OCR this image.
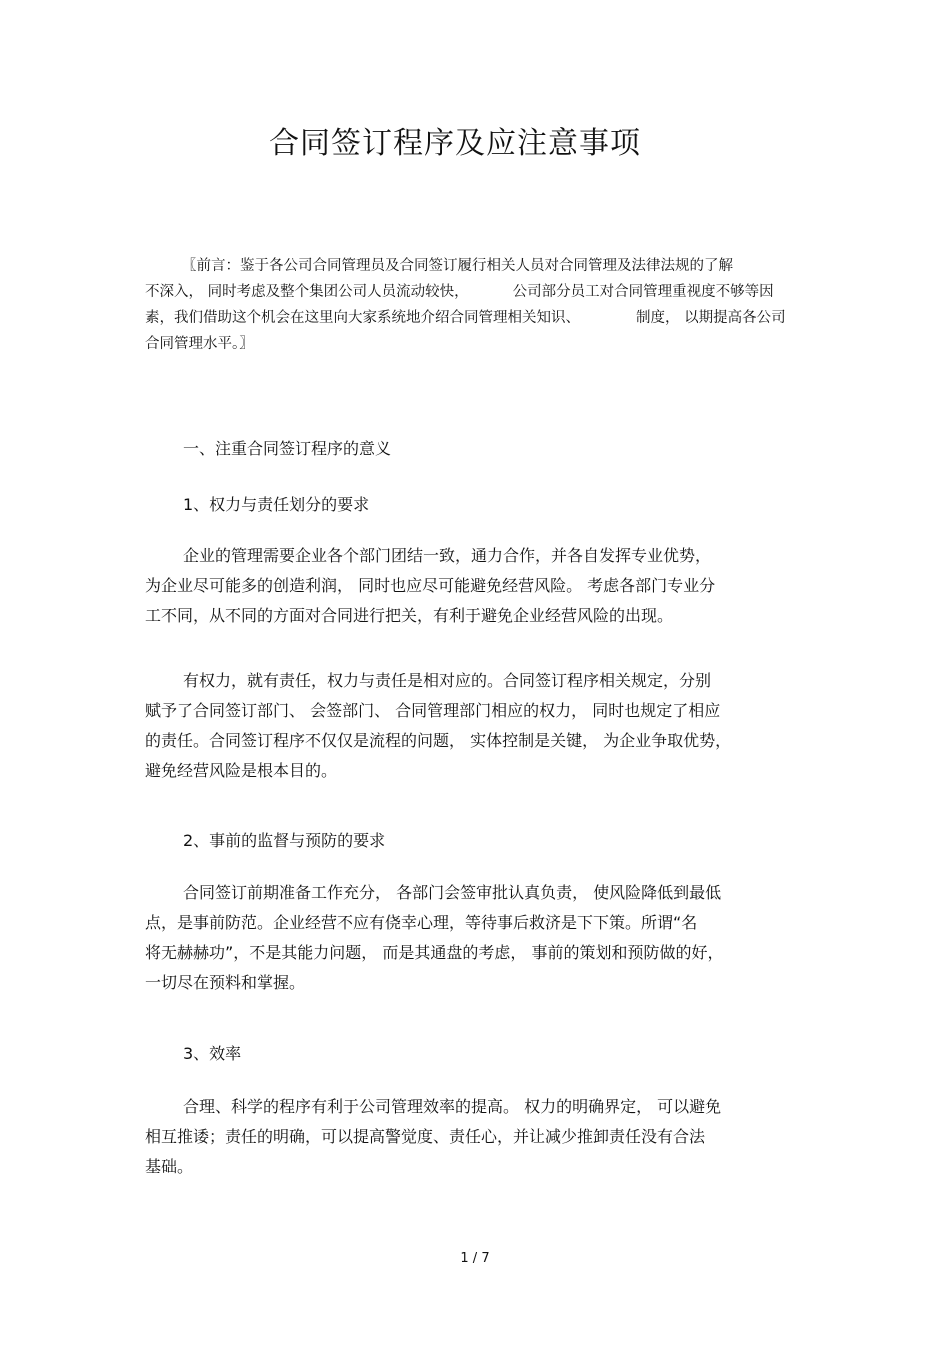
合同签订程序及应注意事项
〖前言：鉴于各公司合同管理员及合同签订履行相关人员对合同管理及法律法规的了解
不深入， 同时考虑及整个集团公司人员流动较快，	公司部分员工对合同管理重视度不够等因
素，我们借助这个机会在这里向大家系统地介绍合同管理相关知识、	制度， 以期提高各公司
合同管理水平。〗
一、注重合同签订程序的意义
1、权力与责任划分的要求
企业的管理需要企业各个部门团结一致，通力合作，并各自发挥专业优势，
为企业尽可能多的创造利润， 同时也应尽可能避免经营风险。 考虑各部门专业分
工不同，从不同的方面对合同进行把关，有利于避免企业经营风险的出现。
有权力，就有责任，权力与责任是相对应的。合同签订程序相关规定，分别
赋予了合同签订部门、 会签部门、 合同管理部门相应的权力， 同时也规定了相应
的责任。合同签订程序不仅仅是流程的问题， 实体控制是关键， 为企业争取优势，
避免经营风险是根本目的。
2、事前的监督与预防的要求
合同签订前期准备工作充分， 各部门会签审批认真负责， 使风险降低到最低
点，是事前防范。企业经营不应有侥幸心理，等待事后救济是下下策。所谓“名
将无赫赫功”，不是其能力问题， 而是其通盘的考虑， 事前的策划和预防做的好，
一切尽在预料和掌握。
3、效率
合理、科学的程序有利于公司管理效率的提高。 权力的明确界定， 可以避免
相互推诿；责任的明确，可以提高警觉度、责任心，并让减少推卸责任没有合法
基础。
1 / 7
